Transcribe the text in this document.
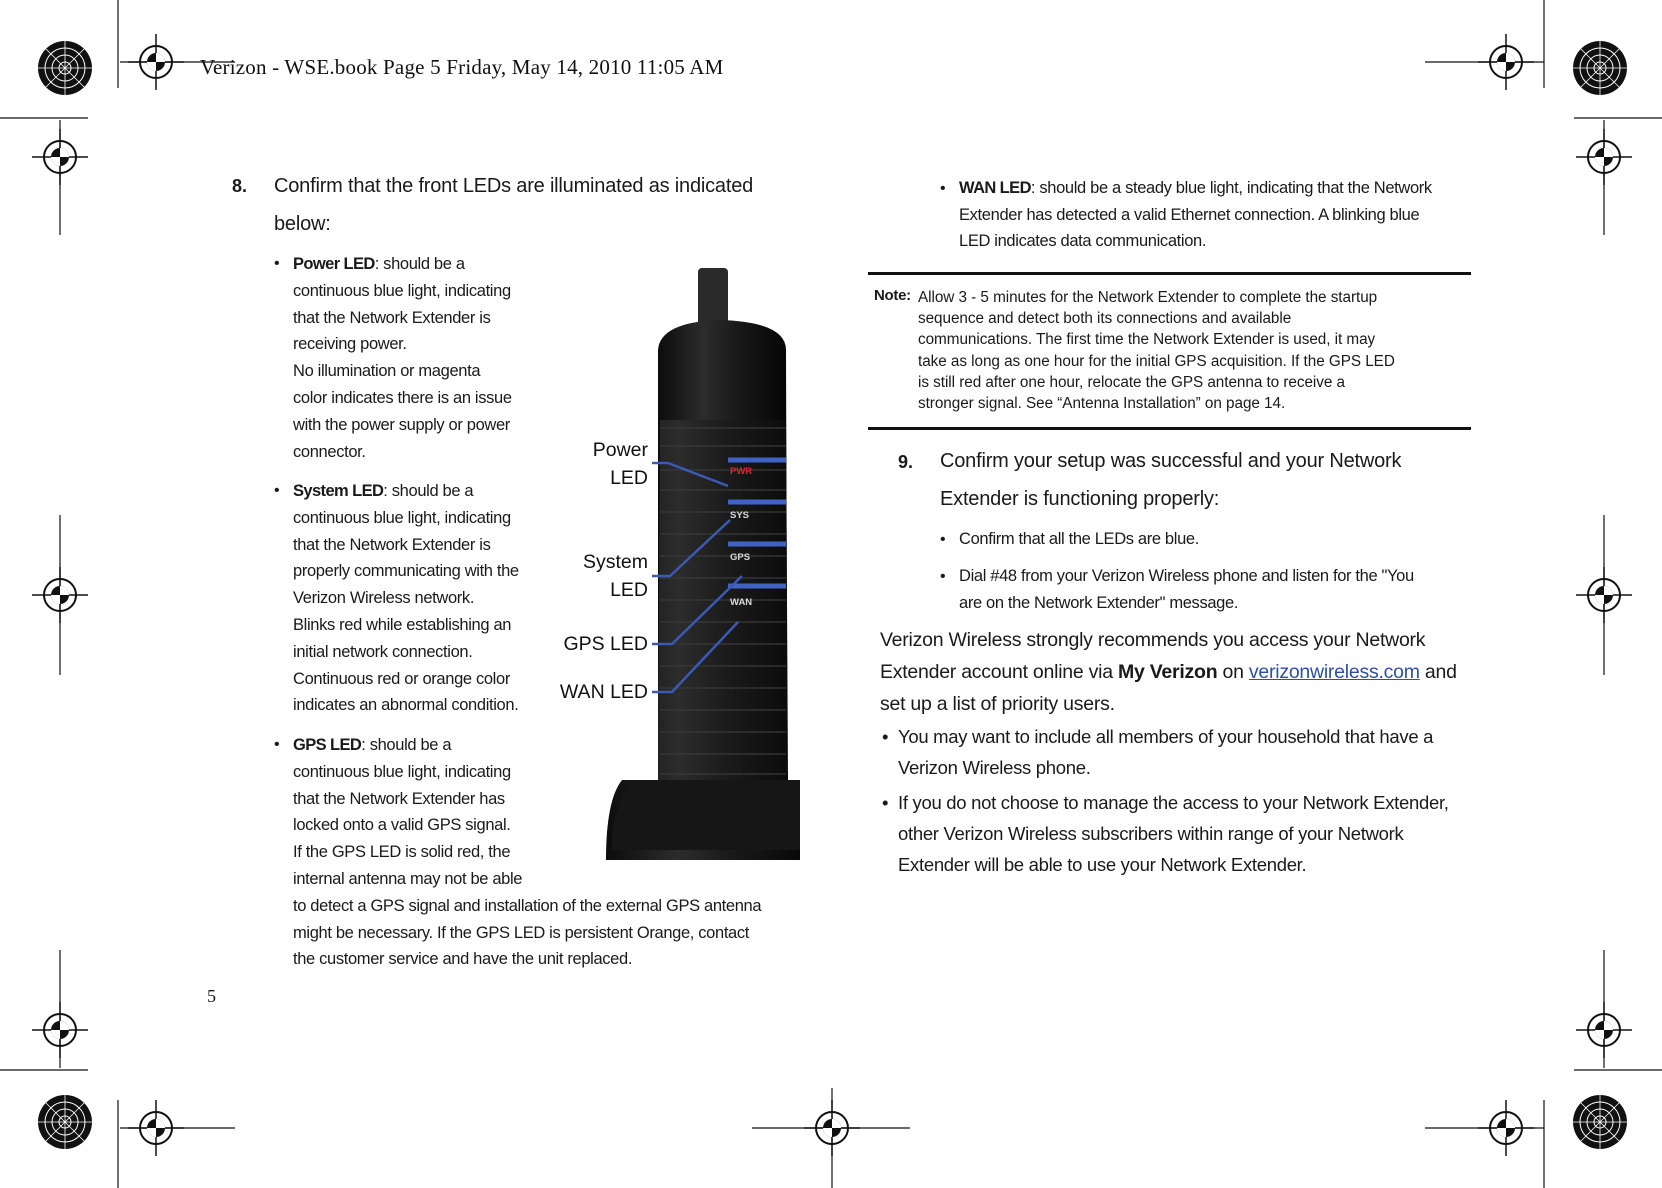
Verizon - WSE.book Page 5 Friday, May 14, 2010 11:05 AM
8. Confirm that the front LEDs are illuminated as indicated
below:
• Power LED: should be a
continuous blue light, indicating
that the Network Extender is
receiving power.
No illumination or magenta
color indicates there is an issue
with the power supply or power
connector.
• System LED: should be a
continuous blue light, indicating
that the Network Extender is
properly communicating with the
Verizon Wireless network.
Blinks red while establishing an
initial network connection.
Continuous red or orange color
indicates an abnormal condition.
• GPS LED: should be a
continuous blue light, indicating
that the Network Extender has
locked onto a valid GPS signal.
If the GPS LED is solid red, the
internal antenna may not be able
to detect a GPS signal and installation of the external GPS antenna
might be necessary. If the GPS LED is persistent Orange, contact
the customer service and have the unit replaced.
PWR
SYS
GPS
WAN
Power
LED
System
LED
GPS LED
WAN LED
• WAN LED: should be a steady blue light, indicating that the Network
Extender has detected a valid Ethernet connection. A blinking blue
LED indicates data communication.
Note: Allow 3 - 5 minutes for the Network Extender to complete the startup
sequence and detect both its connections and available
communications. The first time the Network Extender is used, it may
take as long as one hour for the initial GPS acquisition. If the GPS LED
is still red after one hour, relocate the GPS antenna to receive a
stronger signal. See “Antenna Installation” on page 14.
9. Confirm your setup was successful and your Network
Extender is functioning properly:
• Confirm that all the LEDs are blue.
• Dial #48 from your Verizon Wireless phone and listen for the "You
are on the Network Extender" message.
Verizon Wireless strongly recommends you access your Network
Extender account online via My Verizon on verizonwireless.com and
set up a list of priority users.
• You may want to include all members of your household that have a
Verizon Wireless phone.
• If you do not choose to manage the access to your Network Extender,
other Verizon Wireless subscribers within range of your Network
Extender will be able to use your Network Extender.
5
